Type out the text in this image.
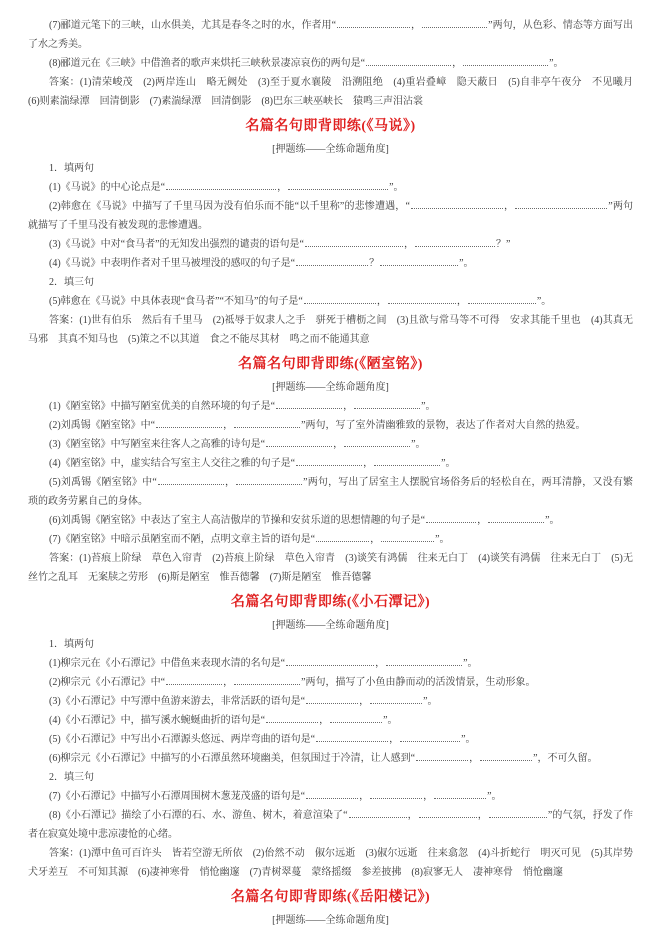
(7)郦道元笔下的三峡，山水俱美，尤其是春冬之时的水，作者用“	，	”两句，从色彩、情态等方面写出了水之秀美。

(8)郦道元在《三峡》中借渔者的歌声来烘托三峡秋景凄凉哀伤的两句是“	，	”。

答案：(1)清荣峻茂　(2)两岸连山　略无阙处　(3)至于夏水襄陵　沿溯阻绝　(4)重岩叠嶂　隐天蔽日　(5)自非亭午夜分　不见曦月　(6)则素湍绿潭　回清倒影　(7)素湍绿潭　回清倒影　(8)巴东三峡巫峡长　猿鸣三声泪沾裳

名篇名句即背即练(《马说》)

[押题练——全练命题角度]

1．填两句

(1)《马说》的中心论点是“	，	”。

(2)韩愈在《马说》中描写了千里马因为没有伯乐而不能“以千里称”的悲惨遭遇，“	，	”两句就描写了千里马没有被发现的悲惨遭遇。

(3)《马说》中对“食马者”的无知发出强烈的谴责的语句是“	，	？”

(4)《马说》中表明作者对千里马被埋没的感叹的句子是“	？	”。

2．填三句

(5)韩愈在《马说》中具体表现“食马者”“不知马”的句子是“	，	，	”。

答案：(1)世有伯乐　然后有千里马　(2)祗辱于奴隶人之手　骈死于槽枥之间　(3)且欲与常马等不可得　安求其能千里也　(4)其真无马邪　其真不知马也　(5)策之不以其道　食之不能尽其材　鸣之而不能通其意

名篇名句即背即练(《陋室铭》)

[押题练——全练命题角度]

(1)《陋室铭》中描写陋室优美的自然环境的句子是“	，	”。

(2)刘禹锡《陋室铭》中“	，	”两句，写了室外清幽雅致的景物，表达了作者对大自然的热爱。

(3)《陋室铭》中写陋室来往客人之高雅的诗句是“	，	”。

(4)《陋室铭》中，虚实结合写室主人交往之雅的句子是“	，	”。

(5)刘禹锡《陋室铭》中“	，	”两句，写出了居室主人摆脱官场俗务后的轻松自在，两耳清静，又没有繁琐的政务劳累自己的身体。

(6)刘禹锡《陋室铭》中表达了室主人高洁傲岸的节操和安贫乐道的思想情趣的句子是“	，	”。

(7)《陋室铭》中暗示虽陋室而不陋，点明文章主旨的语句是“	，	”。

答案：(1)苔痕上阶绿　草色入帘青　(2)苔痕上阶绿　草色入帘青　(3)谈笑有鸿儒　往来无白丁　(4)谈笑有鸿儒　往来无白丁　(5)无丝竹之乱耳　无案牍之劳形　(6)斯是陋室　惟吾德馨　(7)斯是陋室　惟吾德馨

名篇名句即背即练(《小石潭记》)

[押题练——全练命题角度]

1．填两句

(1)柳宗元在《小石潭记》中借鱼来表现水清的名句是“	，	”。

(2)柳宗元《小石潭记》中“	，	”两句，描写了小鱼由静而动的活泼情景，生动形象。

(3)《小石潭记》中写潭中鱼游来游去，非常活跃的语句是“	，	”。

(4)《小石潭记》中，描写溪水蜿蜒曲折的语句是“	，	”。

(5)《小石潭记》中写出小石潭源头悠远、两岸弯曲的语句是“	，	”。

(6)柳宗元《小石潭记》中描写的小石潭虽然环境幽美，但氛围过于冷清，让人感到“	，	”，不可久留。

2．填三句

(7)《小石潭记》中描写小石潭周围树木葱茏茂盛的语句是“	，	，	”。

(8)《小石潭记》描绘了小石潭的石、水、游鱼、树木，着意渲染了“	，	，	”的气氛，抒发了作者在寂寞处境中悲凉凄怆的心绪。

答案：(1)潭中鱼可百许头　皆若空游无所依　(2)佁然不动　俶尔远逝　(3)俶尔远逝　往来翕忽　(4)斗折蛇行　明灭可见　(5)其岸势犬牙差互　不可知其源　(6)凄神寒骨　悄怆幽邃　(7)青树翠蔓　蒙络摇缀　参差披拂　(8)寂寥无人　凄神寒骨　悄怆幽邃

名篇名句即背即练(《岳阳楼记》)

[押题练——全练命题角度]
